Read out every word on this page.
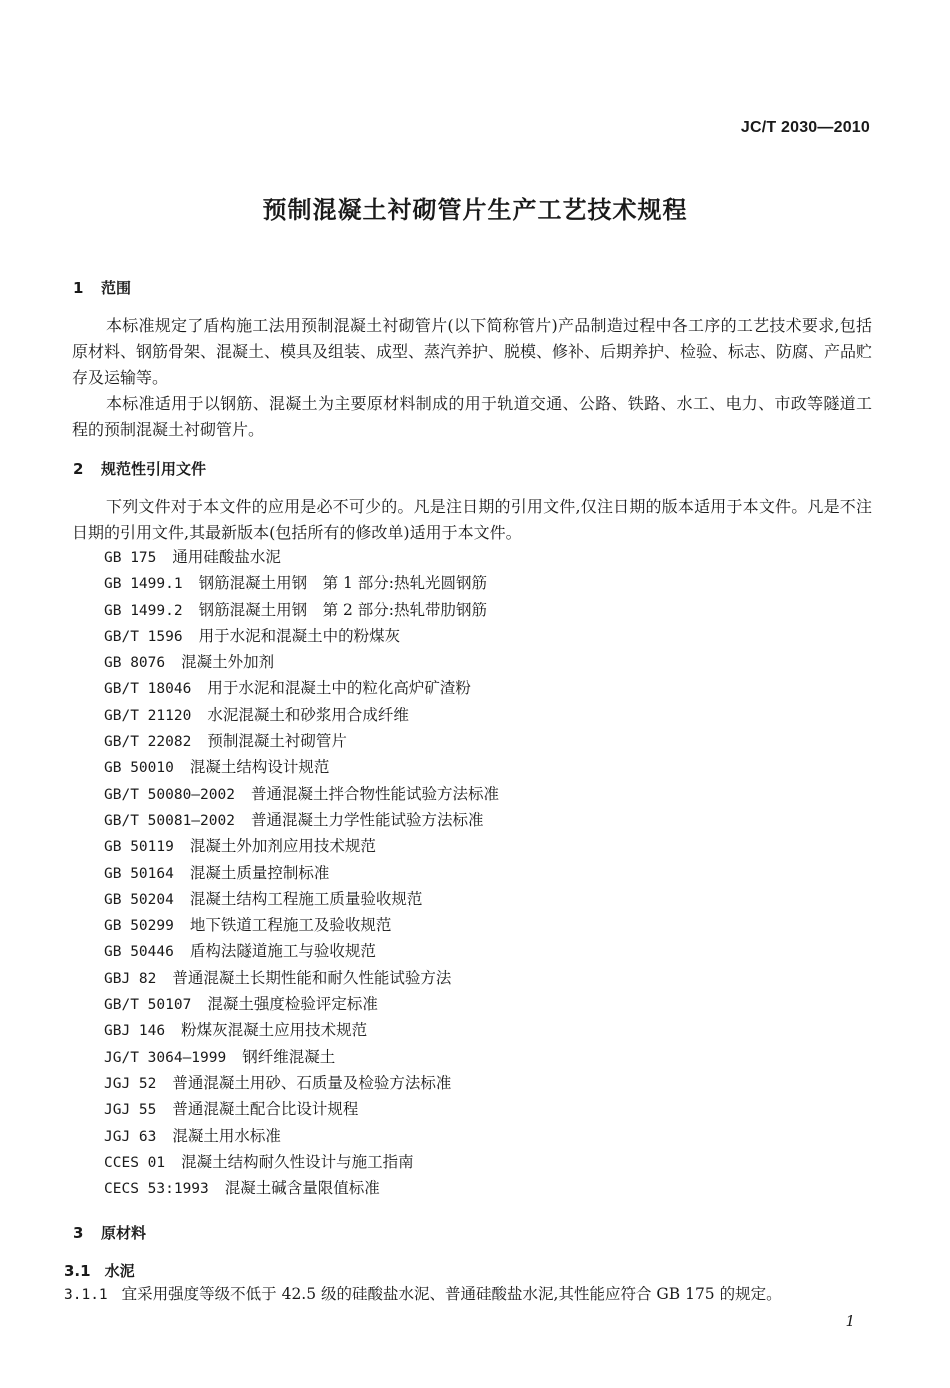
JC/T 2030—2010
预制混凝土衬砌管片生产工艺技术规程
1 范围
本标准规定了盾构施工法用预制混凝土衬砌管片(以下简称管片)产品制造过程中各工序的工艺技术要求,包括原材料、钢筋骨架、混凝土、模具及组装、成型、蒸汽养护、脱模、修补、后期养护、检验、标志、防腐、产品贮存及运输等。
本标准适用于以钢筋、混凝土为主要原材料制成的用于轨道交通、公路、铁路、水工、电力、市政等隧道工程的预制混凝土衬砌管片。
2 规范性引用文件
下列文件对于本文件的应用是必不可少的。凡是注日期的引用文件,仅注日期的版本适用于本文件。凡是不注日期的引用文件,其最新版本(包括所有的修改单)适用于本文件。
GB 175 通用硅酸盐水泥
GB 1499.1 钢筋混凝土用钢　第 1 部分:热轧光圆钢筋
GB 1499.2 钢筋混凝土用钢　第 2 部分:热轧带肋钢筋
GB/T 1596 用于水泥和混凝土中的粉煤灰
GB 8076 混凝土外加剂
GB/T 18046 用于水泥和混凝土中的粒化高炉矿渣粉
GB/T 21120 水泥混凝土和砂浆用合成纤维
GB/T 22082 预制混凝土衬砌管片
GB 50010 混凝土结构设计规范
GB/T 50080—2002 普通混凝土拌合物性能试验方法标准
GB/T 50081—2002 普通混凝土力学性能试验方法标准
GB 50119 混凝土外加剂应用技术规范
GB 50164 混凝土质量控制标准
GB 50204 混凝土结构工程施工质量验收规范
GB 50299 地下铁道工程施工及验收规范
GB 50446 盾构法隧道施工与验收规范
GBJ 82 普通混凝土长期性能和耐久性能试验方法
GB/T 50107 混凝土强度检验评定标准
GBJ 146 粉煤灰混凝土应用技术规范
JG/T 3064—1999 钢纤维混凝土
JGJ 52 普通混凝土用砂、石质量及检验方法标准
JGJ 55 普通混凝土配合比设计规程
JGJ 63 混凝土用水标准
CCES 01 混凝土结构耐久性设计与施工指南
CECS 53:1993 混凝土碱含量限值标准
3 原材料
3.1 水泥
3.1.1 宜采用强度等级不低于 42.5 级的硅酸盐水泥、普通硅酸盐水泥,其性能应符合 GB 175 的规定。
1
